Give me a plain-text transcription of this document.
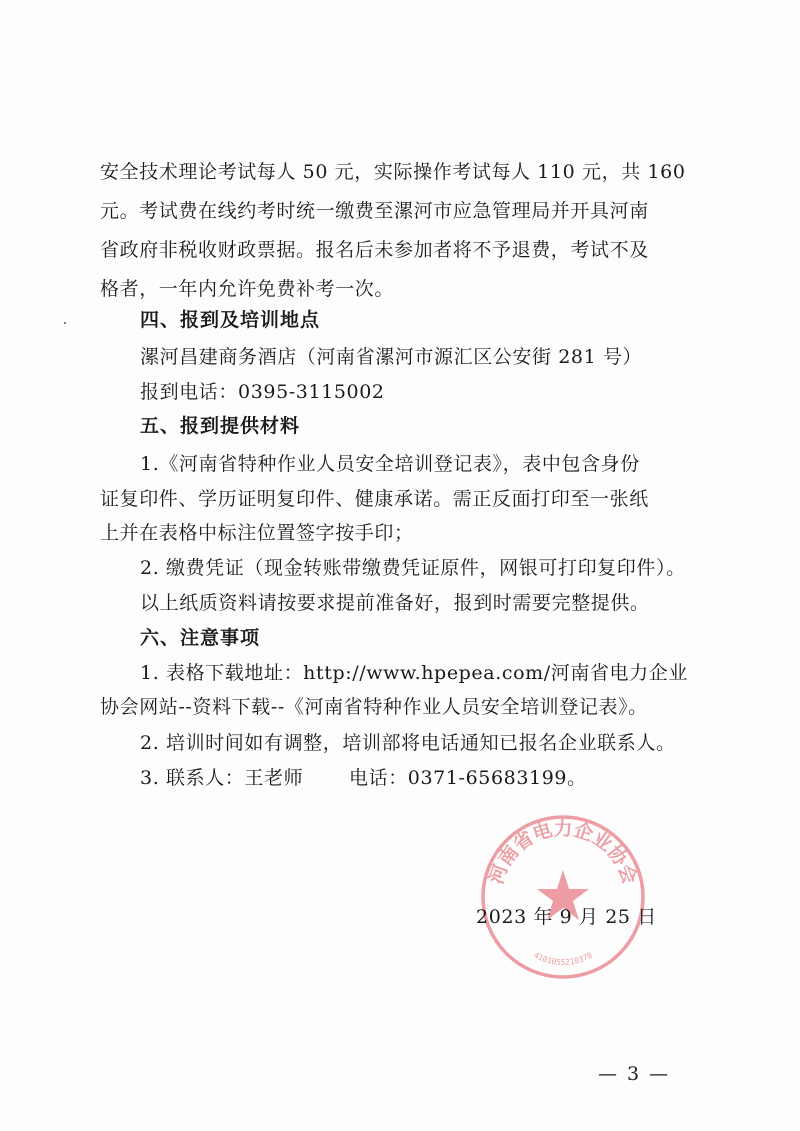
安全技术理论考试每人 50 元，实际操作考试每人 110 元，共 160
元。考试费在线约考时统一缴费至漯河市应急管理局并开具河南
省政府非税收财政票据。报名后未参加者将不予退费，考试不及
格者，一年内允许免费补考一次。
四、报到及培训地点
漯河昌建商务酒店（河南省漯河市源汇区公安街 281 号）
报到电话：0395-3115002
五、报到提供材料
1.《河南省特种作业人员安全培训登记表》，表中包含身份
证复印件、学历证明复印件、健康承诺。需正反面打印至一张纸
上并在表格中标注位置签字按手印；
2. 缴费凭证（现金转账带缴费凭证原件，网银可打印复印件）。
以上纸质资料请按要求提前准备好，报到时需要完整提供。
六、注意事项
1. 表格下载地址：http://www.hpepea.com/河南省电力企业
协会网站--资料下载--《河南省特种作业人员安全培训登记表》。
2. 培训时间如有调整，培训部将电话通知已报名企业联系人。
3. 联系人：王老师　　 电话：0371-65683199。
河南省电力企业协会
4101055210370
2023 年 9 月 25 日
— 3 —
